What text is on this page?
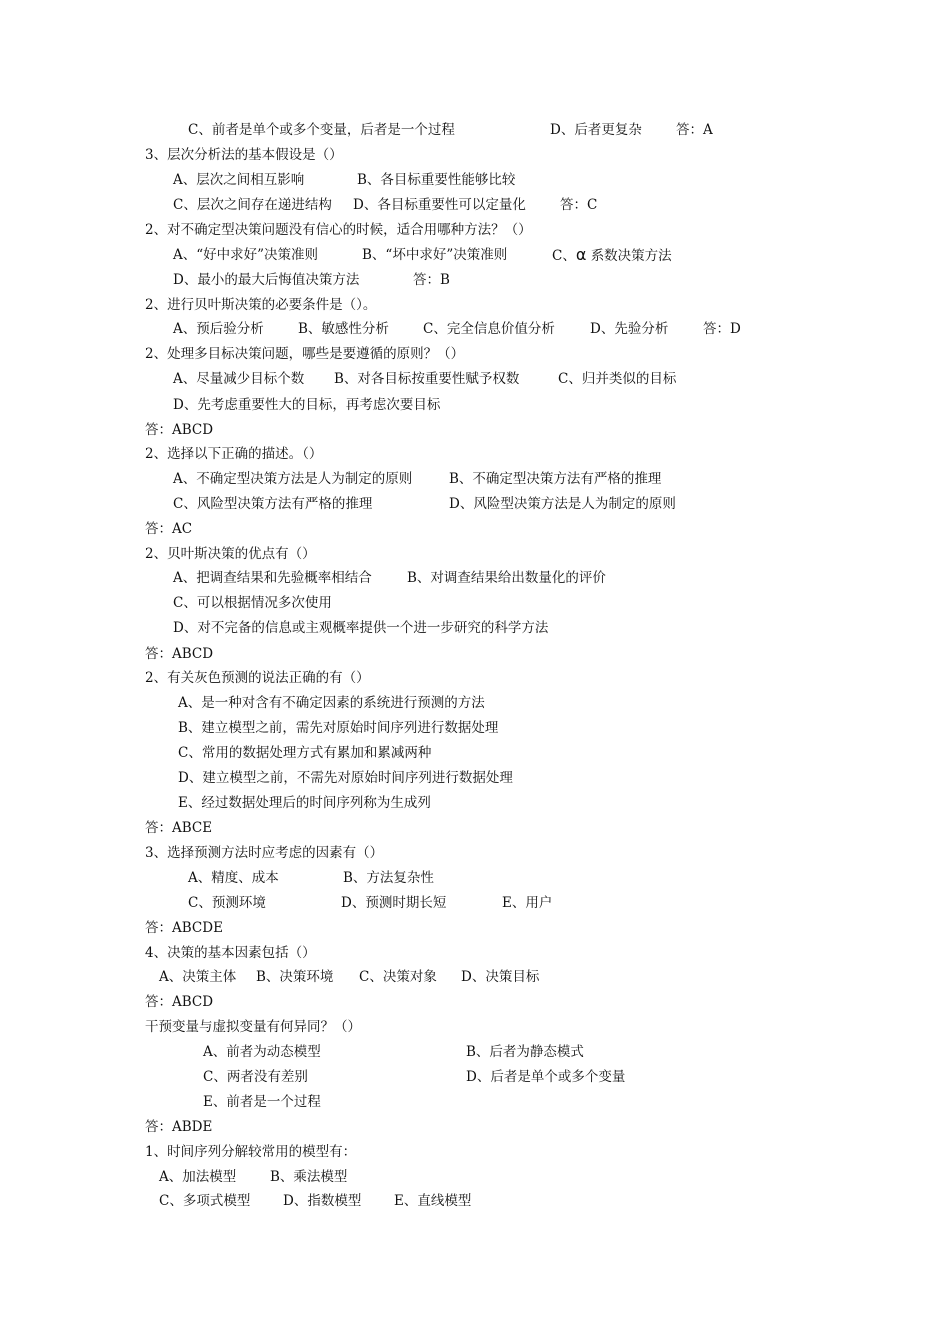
C、前者是单个或多个变量，后者是一个过程	D、后者更复杂	答：A
3、层次分析法的基本假设是（）
A、层次之间相互影响	B、各目标重要性能够比较
C、层次之间存在递进结构 D、各目标重要性可以定量化	答：C
2、对不确定型决策问题没有信心的时候，适合用哪种方法？（）
A、“好中求好”决策准则	B、“坏中求好”决策准则	C、α 系数决策方法
D、最小的最大后悔值决策方法	答：B
2、进行贝叶斯决策的必要条件是（）。
A、预后验分析	B、敏感性分析	C、完全信息价值分析	D、先验分析	答：D
2、处理多目标决策问题，哪些是要遵循的原则？（）
A、尽量减少目标个数 B、对各目标按重要性赋予权数	C、归并类似的目标
D、先考虑重要性大的目标，再考虑次要目标
答：ABCD
2、选择以下正确的描述。（）
A、不确定型决策方法是人为制定的原则	B、不确定型决策方法有严格的推理
C、风险型决策方法有严格的推理	D、风险型决策方法是人为制定的原则
答：AC
2、贝叶斯决策的优点有（）
A、把调查结果和先验概率相结合	B、对调查结果给出数量化的评价
C、可以根据情况多次使用
D、对不完备的信息或主观概率提供一个进一步研究的科学方法
答：ABCD
2、有关灰色预测的说法正确的有（）
A、是一种对含有不确定因素的系统进行预测的方法
B、建立模型之前，需先对原始时间序列进行数据处理
C、常用的数据处理方式有累加和累减两种
D、建立模型之前，不需先对原始时间序列进行数据处理
E、经过数据处理后的时间序列称为生成列
答：ABCE
3、选择预测方法时应考虑的因素有（）
A、精度、成本	B、方法复杂性
C、预测环境	D、预测时期长短	E、用户
答：ABCDE
4、决策的基本因素包括（）
A、决策主体 B、决策环境 C、决策对象 D、决策目标
答：ABCD
干预变量与虚拟变量有何异同？（）
A、前者为动态模型	B、后者为静态模式
C、两者没有差别	D、后者是单个或多个变量
E、前者是一个过程
答：ABDE
1、时间序列分解较常用的模型有：
A、加法模型	B、乘法模型
C、多项式模型 D、指数模型 E、直线模型
